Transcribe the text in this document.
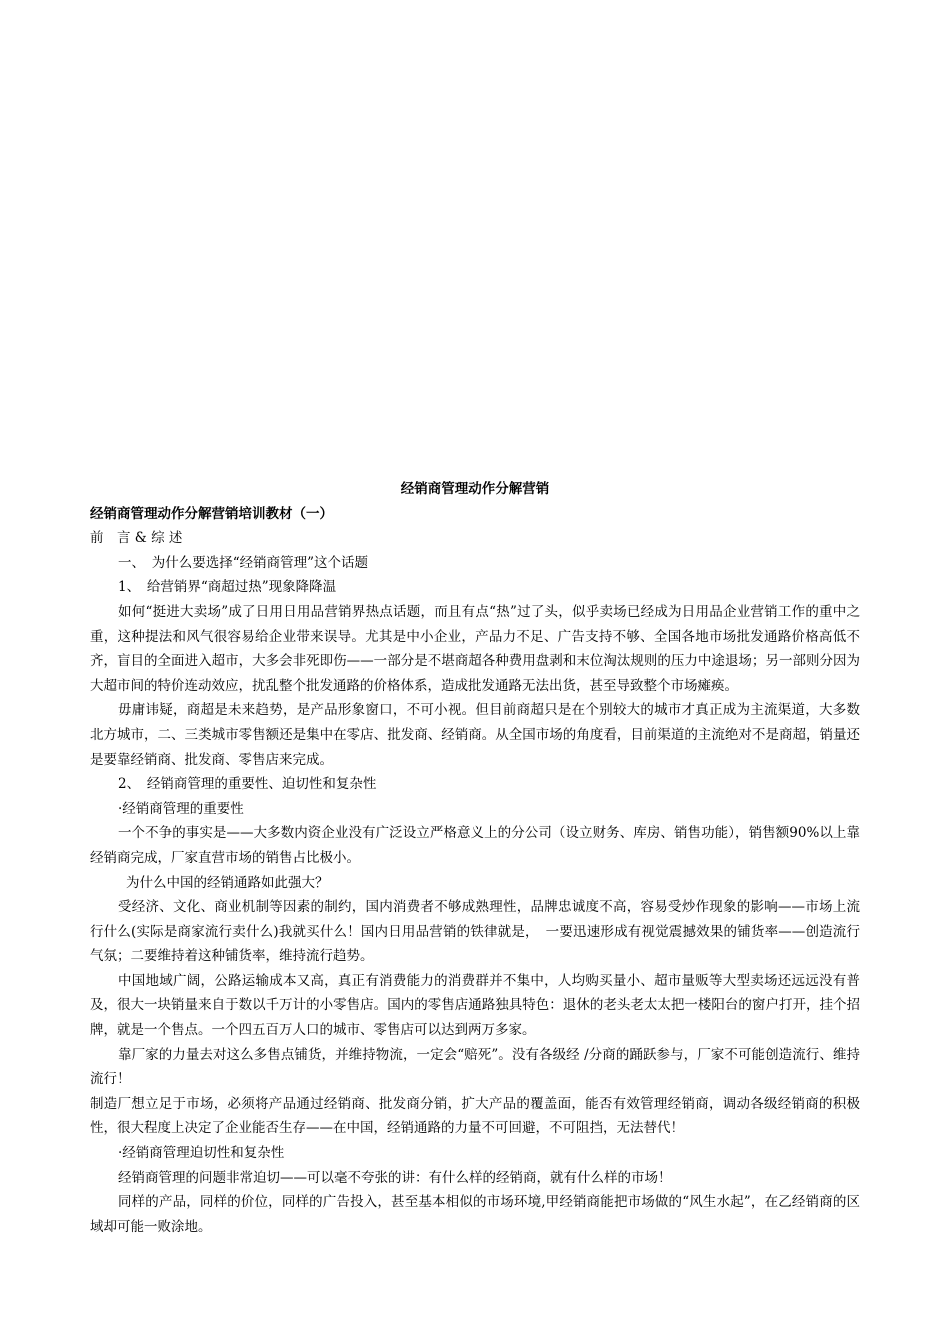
经销商管理动作分解营销
经销商管理动作分解营销培训教材（一）

前　言 & 综 述

一、　为什么要选择“经销商管理”这个话题

1、　给营销界“商超过热”现象降降温

如何“挺进大卖场”成了日用日用品营销界热点话题，而且有点“热”过了头，似乎卖场已经成为日用品企业营销工作的重中之重，这种提法和风气很容易给企业带来误导。尤其是中小企业，产品力不足、广告支持不够、全国各地市场批发通路价格高低不齐，盲目的全面进入超市，大多会非死即伤——一部分是不堪商超各种费用盘剥和末位淘汰规则的压力中途退场；另一部则分因为大超市间的特价连动效应，扰乱整个批发通路的价格体系，造成批发通路无法出货，甚至导致整个市场瘫痪。

毋庸讳疑，商超是未来趋势，是产品形象窗口，不可小视。但目前商超只是在个别较大的城市才真正成为主流渠道，大多数北方城市，二、三类城市零售额还是集中在零店、批发商、经销商。从全国市场的角度看，目前渠道的主流绝对不是商超，销量还是要靠经销商、批发商、零售店来完成。

2、　经销商管理的重要性、迫切性和复杂性

·经销商管理的重要性

一个不争的事实是——大多数内资企业没有广泛设立严格意义上的分公司（设立财务、库房、销售功能），销售额90%以上靠经销商完成，厂家直营市场的销售占比极小。

为什么中国的经销通路如此强大？

受经济、文化、商业机制等因素的制约，国内消费者不够成熟理性，品牌忠诚度不高，容易受炒作现象的影响——市场上流行什么(实际是商家流行卖什么)我就买什么！国内日用品营销的铁律就是，　一要迅速形成有视觉震撼效果的铺货率——创造流行气氛；二要维持着这种铺货率，维持流行趋势。

中国地域广阔，公路运输成本又高，真正有消费能力的消费群并不集中，人均购买量小、超市量贩等大型卖场还远远没有普及，很大一块销量来自于数以千万计的小零售店。国内的零售店通路独具特色：退休的老头老太太把一楼阳台的窗户打开，挂个招牌，就是一个售点。一个四五百万人口的城市、零售店可以达到两万多家。

靠厂家的力量去对这么多售点铺货，并维持物流，一定会“赔死”。没有各级经 /分商的踊跃参与，厂家不可能创造流行、维持流行！

制造厂想立足于市场，必须将产品通过经销商、批发商分销，扩大产品的覆盖面，能否有效管理经销商，调动各级经销商的积极性，很大程度上决定了企业能否生存——在中国，经销通路的力量不可回避，不可阻挡，无法替代！

·经销商管理迫切性和复杂性

经销商管理的问题非常迫切——可以毫不夸张的讲：有什么样的经销商，就有什么样的市场！

同样的产品，同样的价位，同样的广告投入，甚至基本相似的市场环境,甲经销商能把市场做的“风生水起”，在乙经销商的区域却可能一败涂地。
